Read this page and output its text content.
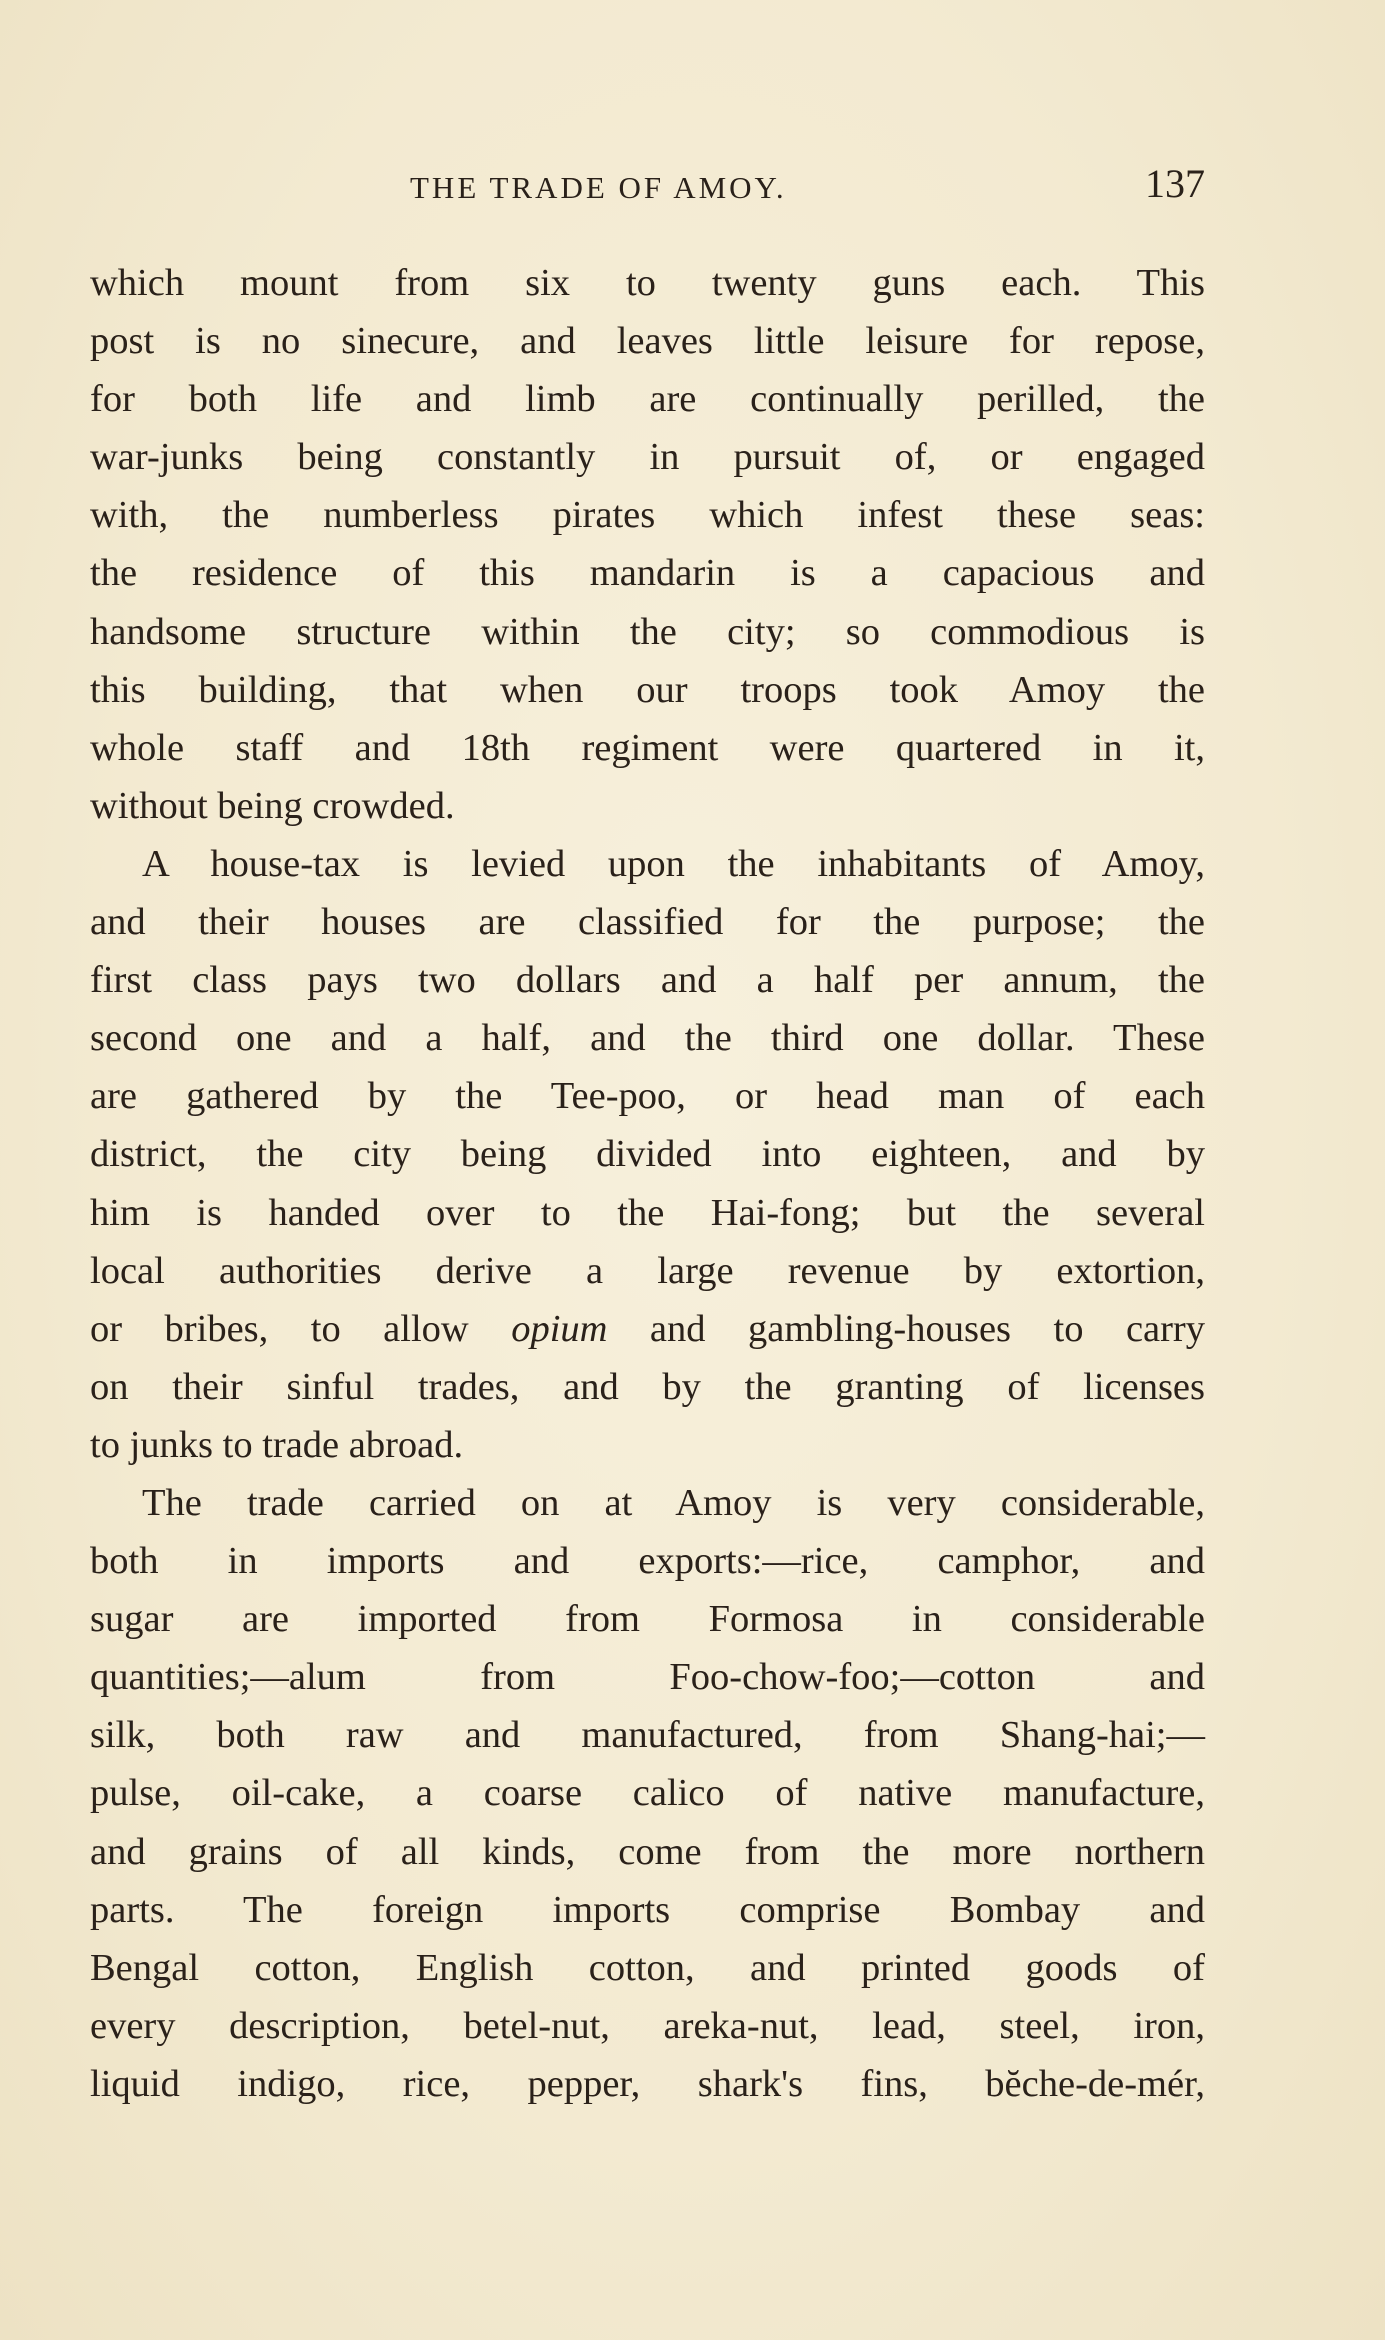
THE TRADE OF AMOY.	137
which mount from six to twenty guns each. This
post is no sinecure, and leaves little leisure for repose,
for both life and limb are continually perilled, the
war-junks being constantly in pursuit of, or engaged
with, the numberless pirates which infest these seas:
the residence of this mandarin is a capacious and
handsome structure within the city; so commodious is
this building, that when our troops took Amoy the
whole staff and 18th regiment were quartered in it,
without being crowded.
A house-tax is levied upon the inhabitants of Amoy,
and their houses are classified for the purpose; the
first class pays two dollars and a half per annum, the
second one and a half, and the third one dollar. These
are gathered by the Tee-poo, or head man of each
district, the city being divided into eighteen, and by
him is handed over to the Hai-fong; but the several
local authorities derive a large revenue by extortion,
or bribes, to allow opium and gambling-houses to carry
on their sinful trades, and by the granting of licenses
to junks to trade abroad.
The trade carried on at Amoy is very considerable,
both in imports and exports:—rice, camphor, and
sugar are imported from Formosa in considerable
quantities;—alum from Foo-chow-foo;—cotton and
silk, both raw and manufactured, from Shang-hai;—
pulse, oil-cake, a coarse calico of native manufacture,
and grains of all kinds, come from the more northern
parts. The foreign imports comprise Bombay and
Bengal cotton, English cotton, and printed goods of
every description, betel-nut, areka-nut, lead, steel, iron,
liquid indigo, rice, pepper, shark's fins, bĕche-de-mér,
